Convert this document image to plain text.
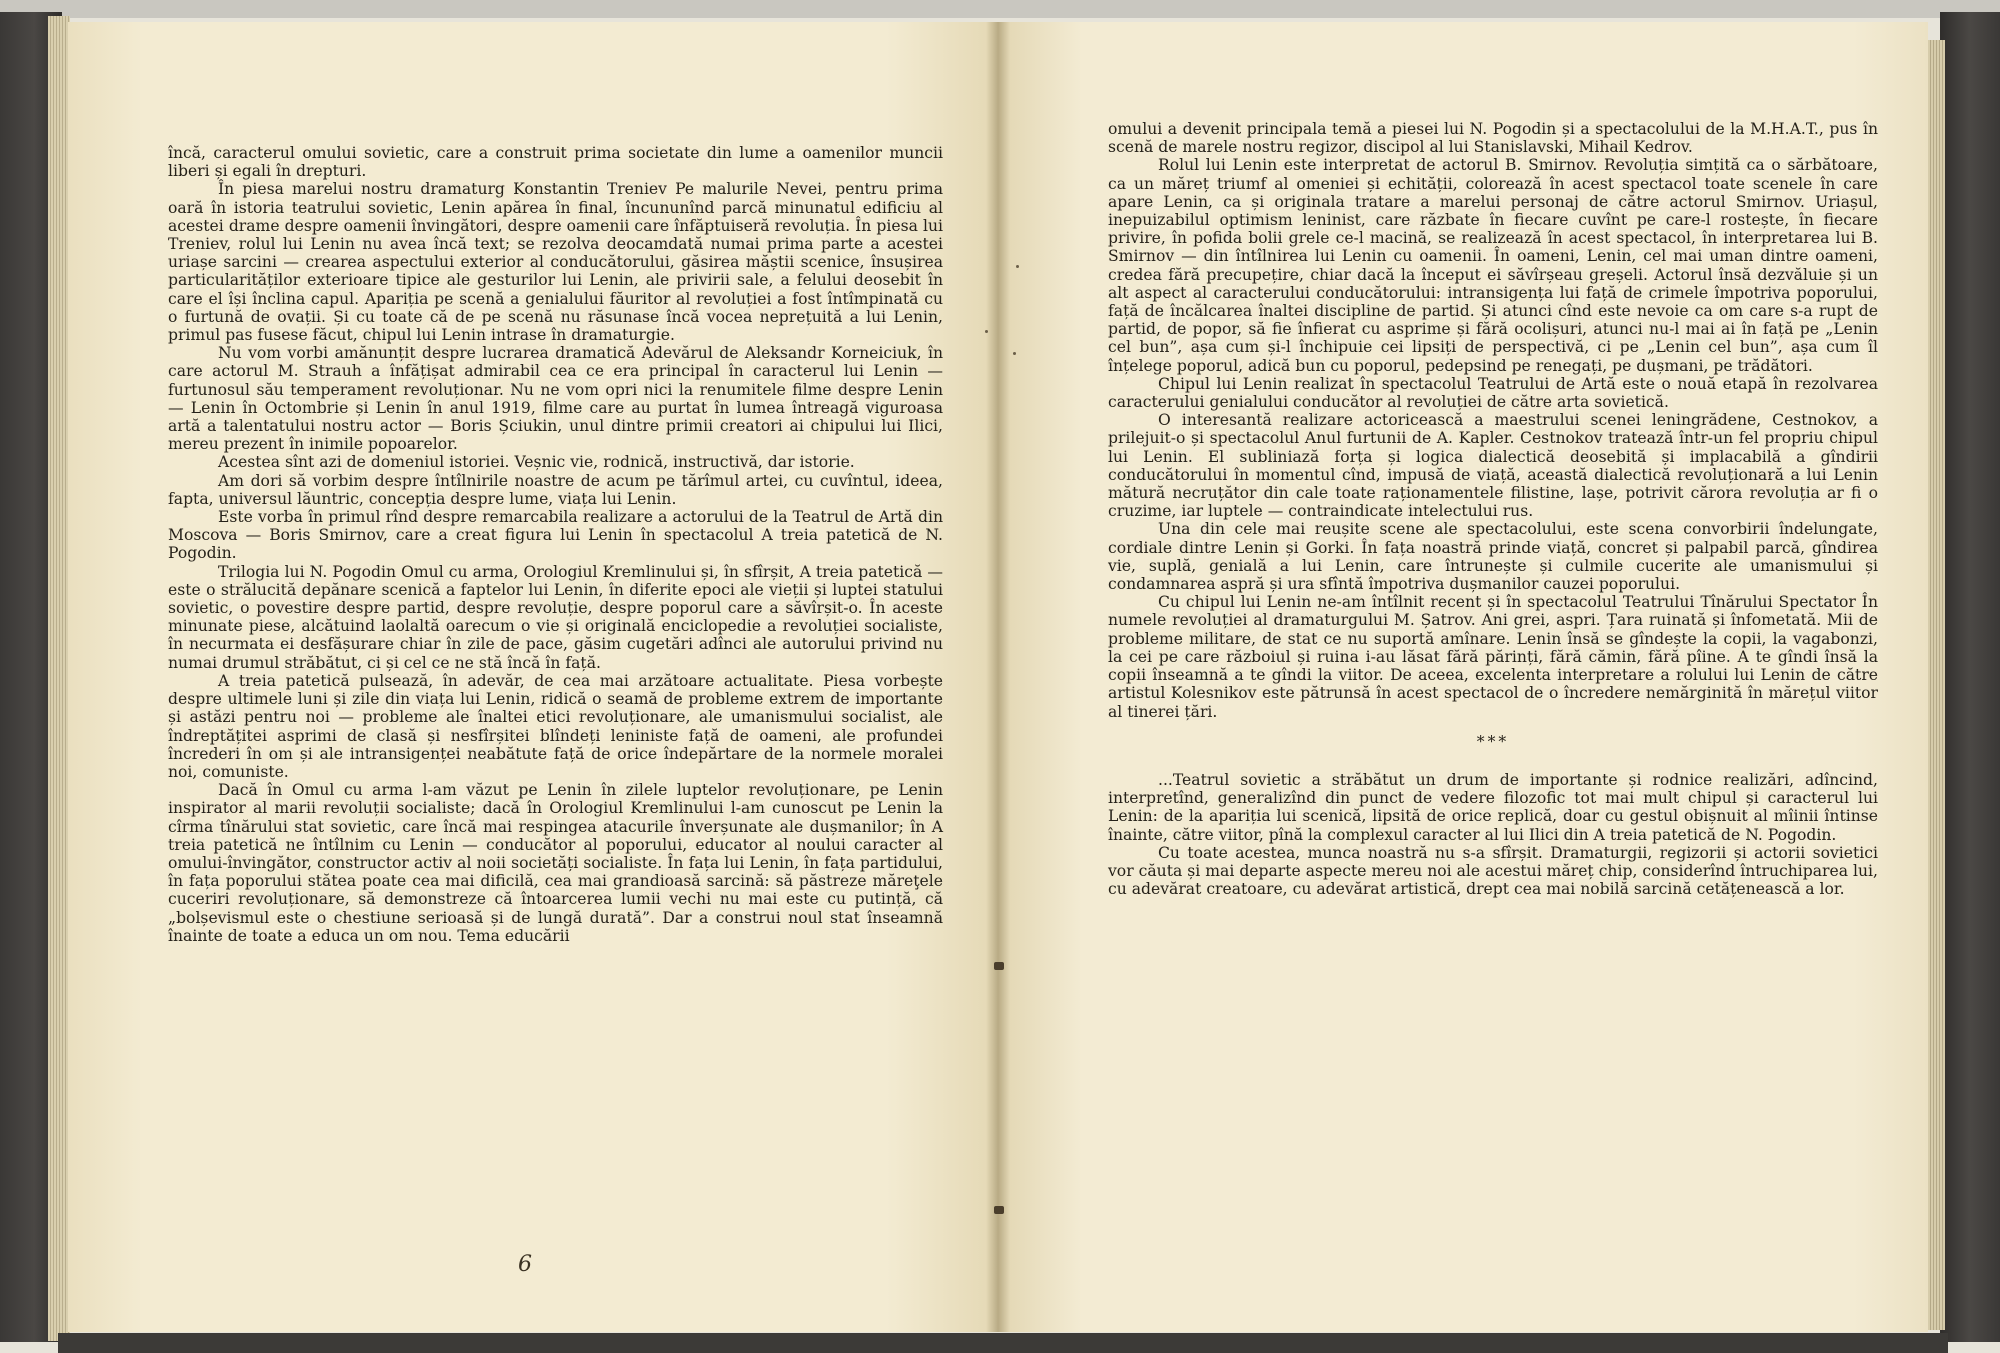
încă, caracterul omului sovietic, care a construit prima societate din lume a oamenilor muncii liberi și egali în drepturi.

În piesa marelui nostru dramaturg Konstantin Treniev Pe malurile Nevei, pentru prima oară în istoria teatrului sovietic, Lenin apărea în final, încununînd parcă minunatul edificiu al acestei drame despre oamenii învingători, despre oamenii care înfăptuiseră revoluția. În piesa lui Treniev, rolul lui Lenin nu avea încă text; se rezolva deocamdată numai prima parte a acestei uriașe sarcini — crearea aspectului exterior al conducătorului, găsirea măștii scenice, însușirea particularităților exterioare tipice ale gesturilor lui Lenin, ale privirii sale, a felului deosebit în care el își înclina capul. Apariția pe scenă a genialului făuritor al revoluției a fost întîmpinată cu o furtună de ovații. Și cu toate că de pe scenă nu răsunase încă vocea neprețuită a lui Lenin, primul pas fusese făcut, chipul lui Lenin intrase în dramaturgie.

Nu vom vorbi amănunțit despre lucrarea dramatică Adevărul de Aleksandr Korneiciuk, în care actorul M. Strauh a înfățișat admirabil cea ce era principal în caracterul lui Lenin — furtunosul său temperament revoluționar. Nu ne vom opri nici la renumitele filme despre Lenin — Lenin în Octombrie și Lenin în anul 1919, filme care au purtat în lumea întreagă viguroasa artă a talentatului nostru actor — Boris Șciukin, unul dintre primii creatori ai chipului lui Ilici, mereu prezent în inimile popoarelor.

Acestea sînt azi de domeniul istoriei. Veșnic vie, rodnică, instructivă, dar istorie.

Am dori să vorbim despre întîlnirile noastre de acum pe tărîmul artei, cu cuvîntul, ideea, fapta, universul lăuntric, concepția despre lume, viața lui Lenin.

Este vorba în primul rînd despre remarcabila realizare a actorului de la Teatrul de Artă din Moscova — Boris Smirnov, care a creat figura lui Lenin în spectacolul A treia patetică de N. Pogodin.

Trilogia lui N. Pogodin Omul cu arma, Orologiul Kremlinului și, în sfîrșit, A treia patetică — este o strălucită depănare scenică a faptelor lui Lenin, în diferite epoci ale vieții și luptei statului sovietic, o povestire despre partid, despre revoluție, despre poporul care a săvîrșit-o. În aceste minunate piese, alcătuind laolaltă oarecum o vie și originală enciclopedie a revoluției socialiste, în necurmata ei desfășurare chiar în zile de pace, găsim cugetări adînci ale autorului privind nu numai drumul străbătut, ci și cel ce ne stă încă în față.

A treia patetică pulsează, în adevăr, de cea mai arzătoare actualitate. Piesa vorbește despre ultimele luni și zile din viața lui Lenin, ridică o seamă de probleme extrem de importante și astăzi pentru noi — probleme ale înaltei etici revoluționare, ale umanismului socialist, ale îndreptățitei asprimi de clasă și nesfîrșitei blîndeți leniniste față de oameni, ale profundei încrederi în om și ale intransigenței neabătute față de orice îndepărtare de la normele moralei noi, comuniste.

Dacă în Omul cu arma l-am văzut pe Lenin în zilele luptelor revoluționare, pe Lenin inspirator al marii revoluții socialiste; dacă în Orologiul Kremlinului l-am cunoscut pe Lenin la cîrma tînărului stat sovietic, care încă mai respingea atacurile înverșunate ale dușmanilor; în A treia patetică ne întîlnim cu Lenin — conducător al poporului, educator al noului caracter al omului-învingător, constructor activ al noii societăți socialiste. În fața lui Lenin, în fața partidului, în fața poporului stătea poate cea mai dificilă, cea mai grandioasă sarcină: să păstreze măreţele cuceriri revoluționare, să demonstreze că întoarcerea lumii vechi nu mai este cu putință, că „bolșevismul este o chestiune serioasă și de lungă durată”. Dar a construi noul stat înseamnă înainte de toate a educa un om nou. Tema educării

6

omului a devenit principala temă a piesei lui N. Pogodin și a spectacolului de la M.H.A.T., pus în scenă de marele nostru regizor, discipol al lui Stanislavski, Mihail Kedrov.

Rolul lui Lenin este interpretat de actorul B. Smirnov. Revoluția simțită ca o sărbătoare, ca un măreț triumf al omeniei și echității, colorează în acest spectacol toate scenele în care apare Lenin, ca și originala tratare a marelui personaj de către actorul Smirnov. Uriașul, inepuizabilul optimism leninist, care răzbate în fiecare cuvînt pe care-l rostește, în fiecare privire, în pofida bolii grele ce-l macină, se realizează în acest spectacol, în interpretarea lui B. Smirnov — din întîlnirea lui Lenin cu oamenii. În oameni, Lenin, cel mai uman dintre oameni, credea fără precupețire, chiar dacă la început ei săvîrșeau greșeli. Actorul însă dezvăluie și un alt aspect al caracterului conducătorului: intransigența lui față de crimele împotriva poporului, față de încălcarea înaltei discipline de partid. Și atunci cînd este nevoie ca om care s-a rupt de partid, de popor, să fie înfierat cu asprime și fără ocolișuri, atunci nu-l mai ai în față pe „Lenin cel bun”, așa cum și-l închipuie cei lipsiți de perspectivă, ci pe „Lenin cel bun”, așa cum îl înțelege poporul, adică bun cu poporul, pedepsind pe renegați, pe dușmani, pe trădători.

Chipul lui Lenin realizat în spectacolul Teatrului de Artă este o nouă etapă în rezolvarea caracterului genialului conducător al revoluției de către arta sovietică.

O interesantă realizare actoricească a maestrului scenei leningrădene, Cestnokov, a prilejuit-o și spectacolul Anul furtunii de A. Kapler. Cestnokov tratează într-un fel propriu chipul lui Lenin. El subliniază forța și logica dialectică deosebită și implacabilă a gîndirii conducătorului în momentul cînd, impusă de viață, această dialectică revoluționară a lui Lenin mătură necruțător din cale toate raționamentele filistine, lașe, potrivit cărora revoluția ar fi o cruzime, iar luptele — contraindicate intelectului rus.

Una din cele mai reușite scene ale spectacolului, este scena convorbirii îndelungate, cordiale dintre Lenin și Gorki. În fața noastră prinde viață, concret și palpabil parcă, gîndirea vie, suplă, genială a lui Lenin, care întrunește și culmile cucerite ale umanismului și condamnarea aspră și ura sfîntă împotriva dușmanilor cauzei poporului.

Cu chipul lui Lenin ne-am întîlnit recent și în spectacolul Teatrului Tînărului Spectator În numele revoluției al dramaturgului M. Șatrov. Ani grei, aspri. Țara ruinată și înfometată. Mii de probleme militare, de stat ce nu suportă amînare. Lenin însă se gîndește la copii, la vagabonzi, la cei pe care războiul și ruina i-au lăsat fără părinți, fără cămin, fără pîine. A te gîndi însă la copii înseamnă a te gîndi la viitor. De aceea, excelenta interpretare a rolului lui Lenin de către artistul Kolesnikov este pătrunsă în acest spectacol de o încredere nemărginită în mărețul viitor al tinerei țări.

***

...Teatrul sovietic a străbătut un drum de importante și rodnice realizări, adîncind, interpretînd, generalizînd din punct de vedere filozofic tot mai mult chipul și caracterul lui Lenin: de la apariția lui scenică, lipsită de orice replică, doar cu gestul obișnuit al mîinii întinse înainte, către viitor, pînă la complexul caracter al lui Ilici din A treia patetică de N. Pogodin.

Cu toate acestea, munca noastră nu s-a sfîrșit. Dramaturgii, regizorii și actorii sovietici vor căuta și mai departe aspecte mereu noi ale acestui măreț chip, considerînd întruchiparea lui, cu adevărat creatoare, cu adevărat artistică, drept cea mai nobilă sarcină cetățenească a lor.
